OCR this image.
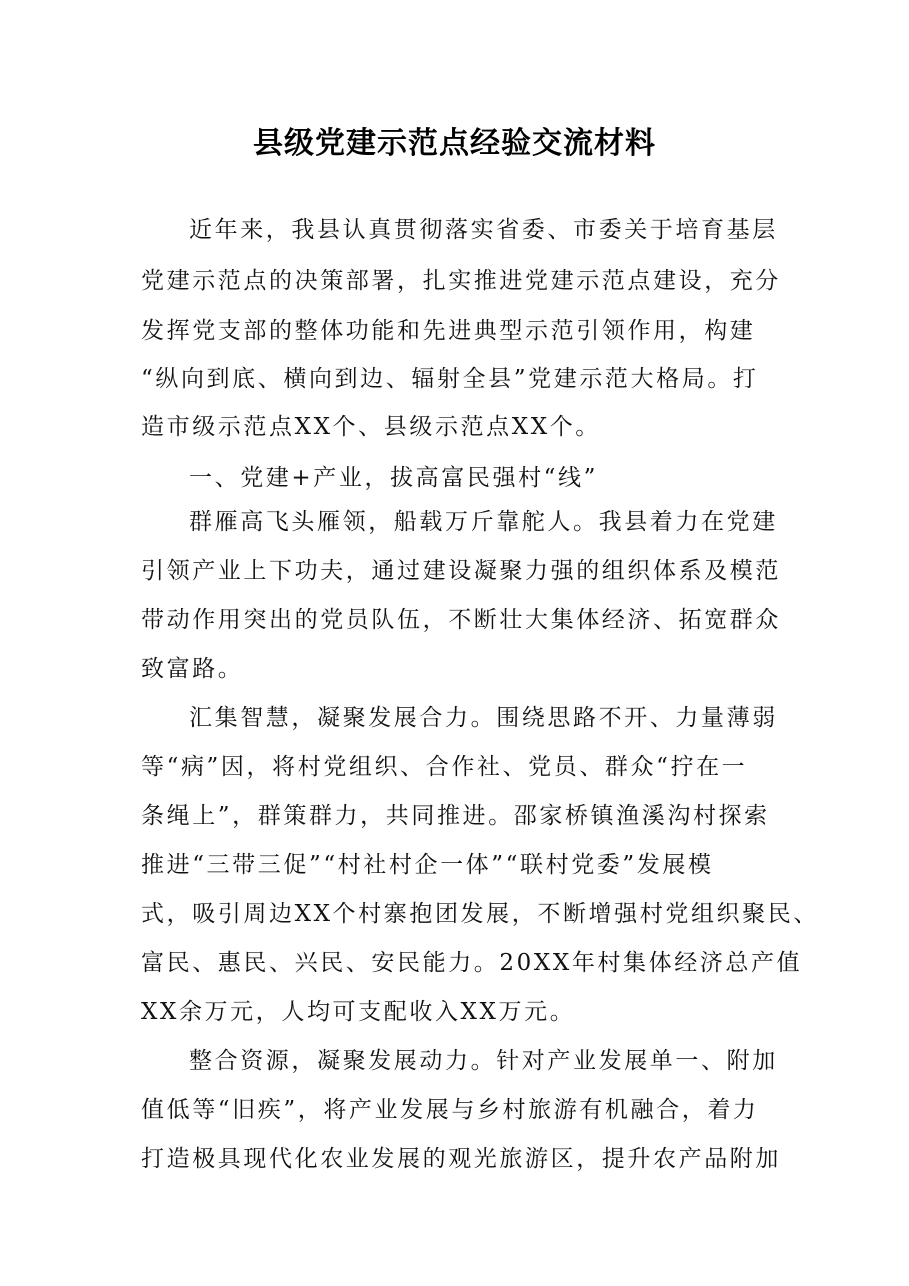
县级党建示范点经验交流材料
近年来，我县认真贯彻落实省委、市委关于培育基层
党建示范点的决策部署，扎实推进党建示范点建设，充分
发挥党支部的整体功能和先进典型示范引领作用，构建
“纵向到底、横向到边、辐射全县”党建示范大格局。打
造市级示范点XX个、县级示范点XX个。
一、党建+产业，拔高富民强村“线”
群雁高飞头雁领，船载万斤靠舵人。我县着力在党建
引领产业上下功夫，通过建设凝聚力强的组织体系及模范
带动作用突出的党员队伍，不断壮大集体经济、拓宽群众
致富路。
汇集智慧，凝聚发展合力。围绕思路不开、力量薄弱
等“病”因，将村党组织、合作社、党员、群众“拧在一
条绳上”，群策群力，共同推进。邵家桥镇渔溪沟村探索
推进“三带三促”“村社村企一体”“联村党委”发展模
式，吸引周边XX个村寨抱团发展，不断增强村党组织聚民、
富民、惠民、兴民、安民能力。20XX年村集体经济总产值
XX余万元，人均可支配收入XX万元。
整合资源，凝聚发展动力。针对产业发展单一、附加
值低等“旧疾”，将产业发展与乡村旅游有机融合，着力
打造极具现代化农业发展的观光旅游区，提升农产品附加
